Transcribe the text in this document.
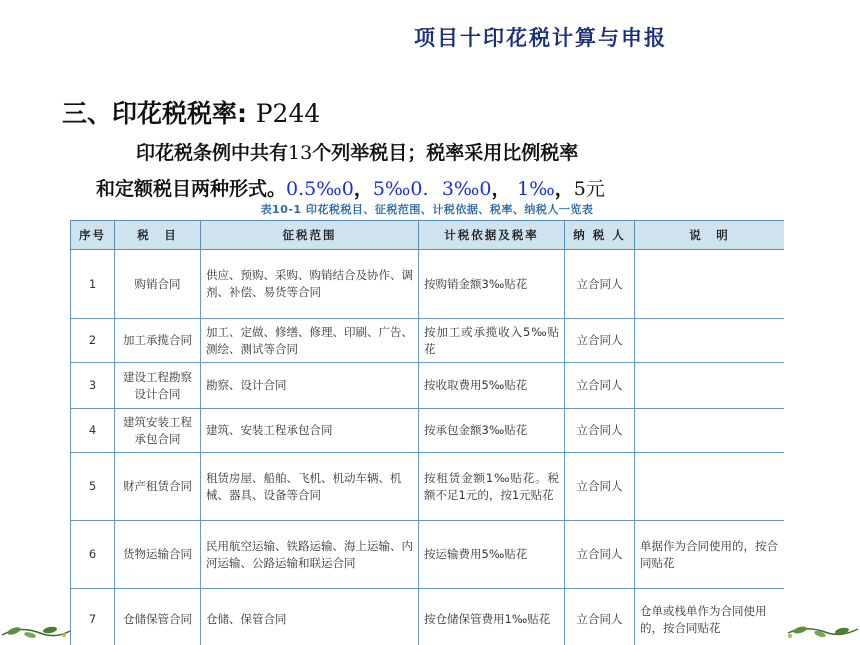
项目十印花税计算与申报
三、印花税税率: P244
印花税条例中共有13个列举税目；税率采用比例税率
和定额税目两种形式。0.5‰0，5‰0. 3‰0， 1‰，5元
表10-1 印花税税目、征税范围、计税依据、税率、纳税人一览表
序号	税　目	征税范围	计税依据及税率	纳 税 人	说　明
1	购销合同	供应、预购、采购、购销结合及协作、调剂、补偿、易货等合同	按购销金额3‰贴花	立合同人	
2	加工承揽合同	加工、定做、修缮、修理、印刷、广告、测绘、测试等合同	按加工或承揽收入5‰贴花	立合同人	
3	建设工程勘察设计合同	勘察、设计合同	按收取费用5‰贴花	立合同人	
4	建筑安装工程承包合同	建筑、安装工程承包合同	按承包金额3‰贴花	立合同人	
5	财产租赁合同	租赁房屋、船舶、飞机、机动车辆、机械、器具、设备等合同	按租赁金额1‰贴花。税额不足1元的，按1元贴花	立合同人	
6	货物运输合同	民用航空运输、铁路运输、海上运输、内河运输、公路运输和联运合同	按运输费用5‰贴花	立合同人	单据作为合同使用的，按合同贴花
7	仓储保管合同	仓储、保管合同	按仓储保管费用1‰贴花	立合同人	仓单或栈单作为合同使用的，按合同贴花
